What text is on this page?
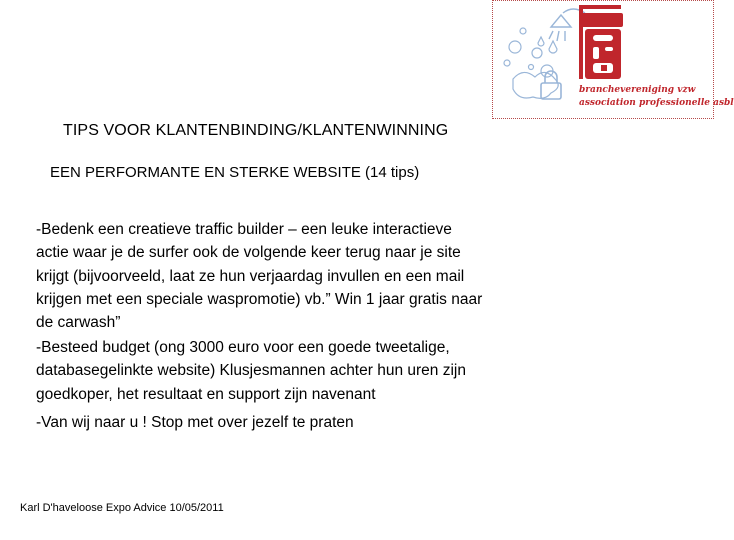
GROUP
branchevereniging vzw
association professionelle asbl
TIPS VOOR KLANTENBINDING/KLANTENWINNING
EEN PERFORMANTE EN STERKE WEBSITE (14 tips)
-Bedenk een creatieve traffic builder – een leuke interactieve
actie waar je de surfer ook de volgende keer terug naar je site
krijgt (bijvoorveeld, laat ze hun verjaardag invullen en een mail
krijgen met een speciale waspromotie) vb.” Win 1 jaar gratis naar
de carwash”
-Besteed budget (ong 3000 euro voor een goede tweetalige,
databasegelinkte website) Klusjesmannen achter hun uren zijn
goedkoper, het resultaat en support zijn navenant
-Van wij naar u ! Stop met over jezelf te praten
Karl D'haveloose Expo Advice 10/05/2011
